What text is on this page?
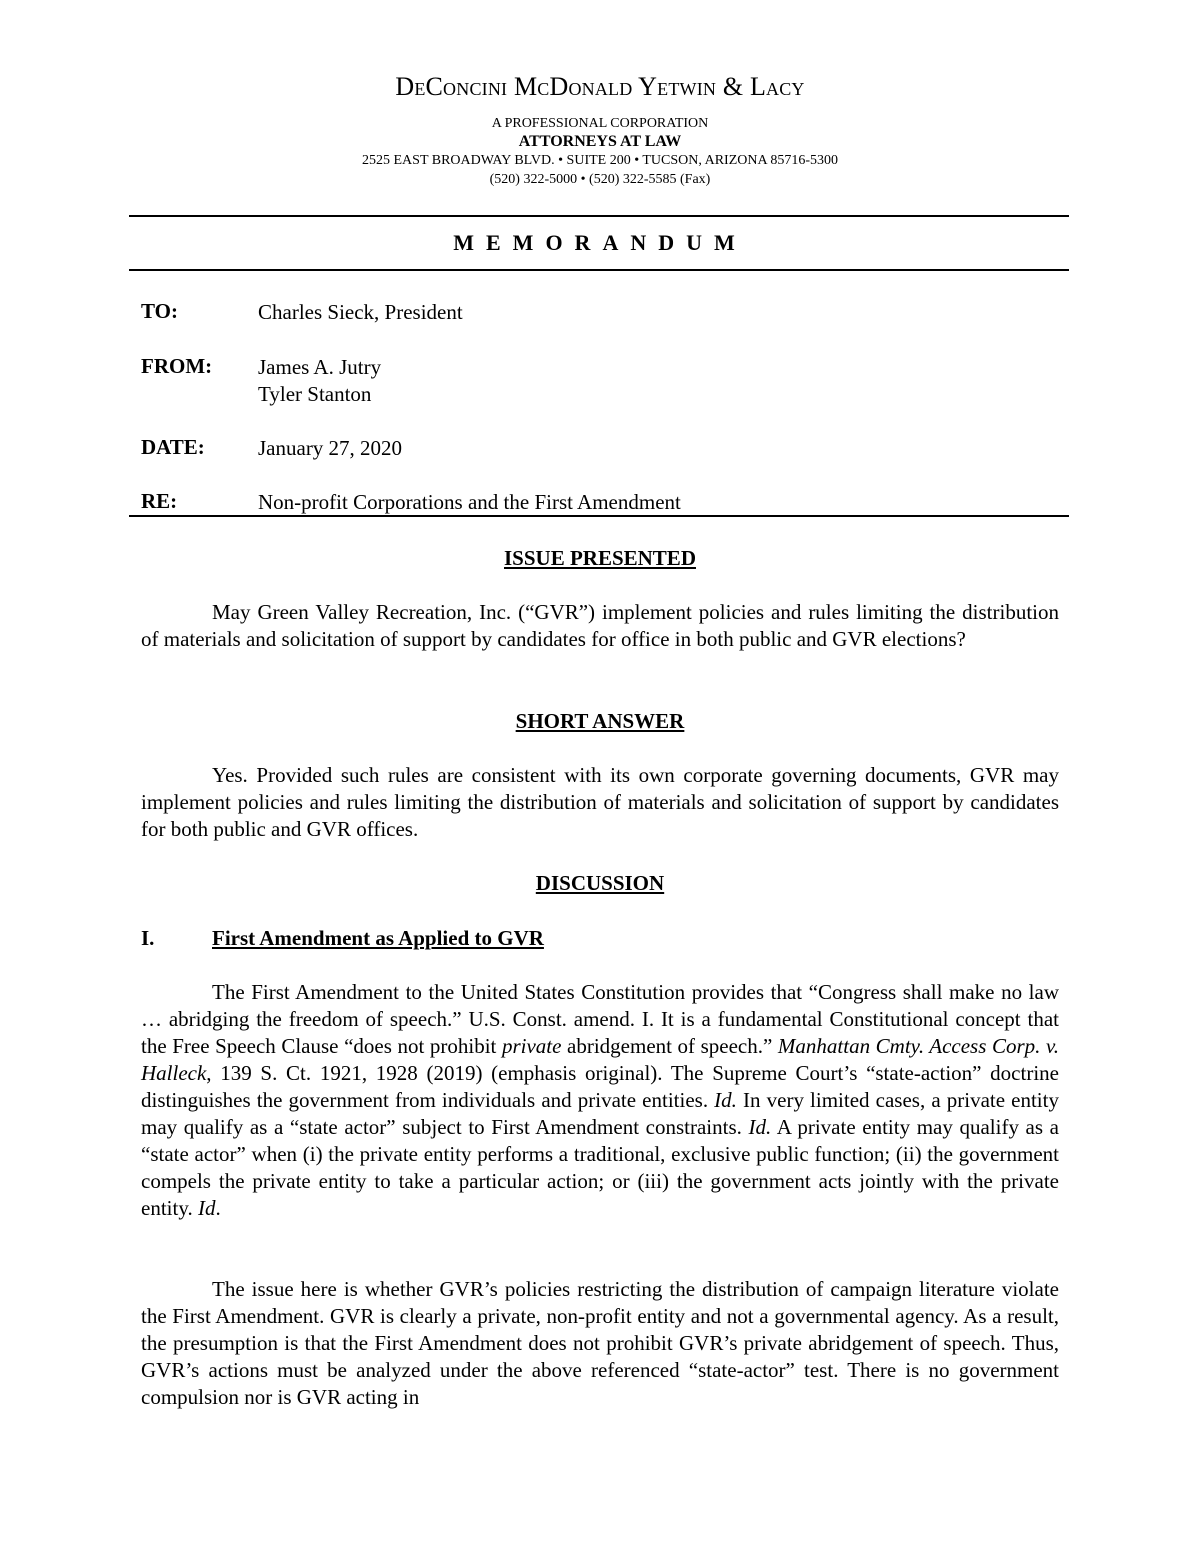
DeConcini McDonald Yetwin & Lacy
A PROFESSIONAL CORPORATION
ATTORNEYS AT LAW
2525 EAST BROADWAY BLVD. • SUITE 200 • TUCSON, ARIZONA 85716-5300
(520) 322-5000 • (520) 322-5585 (Fax)
MEMORANDUM
TO:	Charles Sieck, President
FROM: James A. Jutry
Tyler Stanton
DATE:	January 27, 2020
RE:	Non-profit Corporations and the First Amendment
ISSUE PRESENTED

May Green Valley Recreation, Inc. (“GVR”) implement policies and rules limiting the distribution of materials and solicitation of support by candidates for office in both public and GVR elections?

SHORT ANSWER

Yes. Provided such rules are consistent with its own corporate governing documents, GVR may implement policies and rules limiting the distribution of materials and solicitation of support by candidates for both public and GVR offices.

DISCUSSION
I.	First Amendment as Applied to GVR

The First Amendment to the United States Constitution provides that “Congress shall make no law … abridging the freedom of speech.” U.S. Const. amend. I. It is a fundamental Constitutional concept that the Free Speech Clause “does not prohibit private abridgement of speech.” Manhattan Cmty. Access Corp. v. Halleck, 139 S. Ct. 1921, 1928 (2019) (emphasis original). The Supreme Court’s “state-action” doctrine distinguishes the government from individuals and private entities. Id. In very limited cases, a private entity may qualify as a “state actor” subject to First Amendment constraints. Id. A private entity may qualify as a “state actor” when (i) the private entity performs a traditional, exclusive public function; (ii) the government compels the private entity to take a particular action; or (iii) the government acts jointly with the private entity. Id.

The issue here is whether GVR’s policies restricting the distribution of campaign literature violate the First Amendment. GVR is clearly a private, non-profit entity and not a governmental agency. As a result, the presumption is that the First Amendment does not prohibit GVR’s private abridgement of speech. Thus, GVR’s actions must be analyzed under the above referenced “state-actor” test. There is no government compulsion nor is GVR acting in
